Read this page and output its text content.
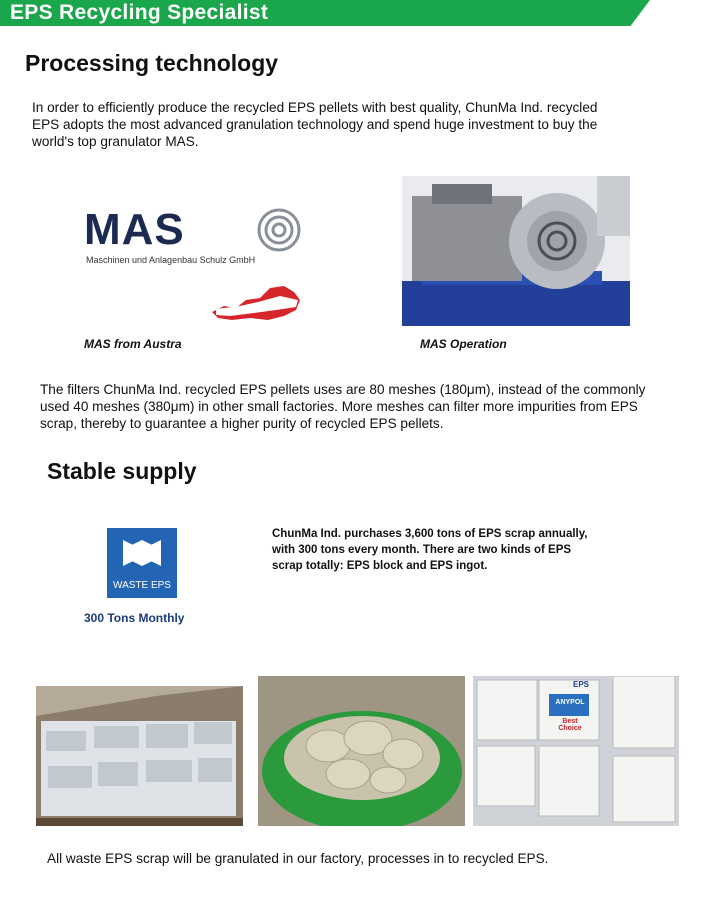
EPS Recycling Specialist
Processing technology
In order to efficiently produce the recycled EPS pellets with best quality, ChunMa Ind. recycled EPS adopts the most advanced granulation technology and spend huge investment to buy the world's top granulator MAS.
MAS
Maschinen und Anlagenbau Schulz GmbH
MAS from Austra	MAS Operation
The filters ChunMa Ind. recycled EPS pellets uses are 80 meshes (180μm), instead of the commonly used 40 meshes (380μm) in other small factories. More meshes can filter more impurities from EPS scrap, thereby to guarantee a higher purity of recycled EPS pellets.
Stable supply
WASTE EPS
300 Tons Monthly
ChunMa Ind. purchases 3,600 tons of EPS scrap annually, with 300 tons every month. There are two kinds of EPS scrap totally: EPS block and EPS ingot.
EPS
ANYPOL
Best Choice
All waste EPS scrap will be granulated in our factory, processes in to recycled EPS.
